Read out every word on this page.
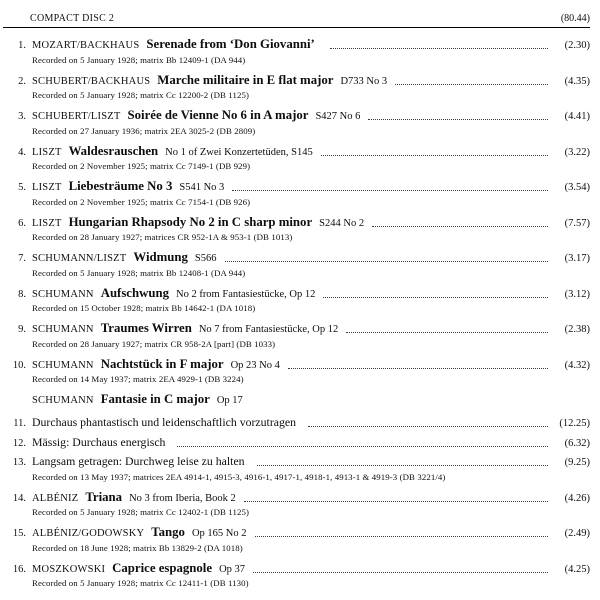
COMPACT DISC 2	(80.44)
1. MOZART/BACKHAUS Serenade from ‘Don Giovanni’	(2.30)
Recorded on 5 January 1928; matrix Bb 12409-1 (DA 944)
2. SCHUBERT/BACKHAUS Marche militaire in E flat major D733 No 3	(4.35)
Recorded on 5 January 1928; matrix Cc 12200-2 (DB 1125)
3. SCHUBERT/LISZT Soirée de Vienne No 6 in A major S427 No 6	(4.41)
Recorded on 27 January 1936; matrix 2EA 3025-2 (DB 2809)
4. LISZT Waldesrauschen No 1 of Zwei Konzertetüden, S145	(3.22)
Recorded on 2 November 1925; matrix Cc 7149-1 (DB 929)
5. LISZT Liebesträume No 3 S541 No 3	(3.54)
Recorded on 2 November 1925; matrix Cc 7154-1 (DB 926)
6. LISZT Hungarian Rhapsody No 2 in C sharp minor S244 No 2	(7.57)
Recorded on 28 January 1927; matrices CR 952-1A & 953-1 (DB 1013)
7. SCHUMANN/LISZT Widmung S566	(3.17)
Recorded on 5 January 1928; matrix Bb 12408-1 (DA 944)
8. SCHUMANN Aufschwung No 2 from Fantasiestücke, Op 12	(3.12)
Recorded on 15 October 1928; matrix Bb 14642-1 (DA 1018)
9. SCHUMANN Traumes Wirren No 7 from Fantasiestücke, Op 12	(2.38)
Recorded on 28 January 1927; matrix CR 958-2A [part] (DB 1033)
10. SCHUMANN Nachtstück in F major Op 23 No 4	(4.32)
Recorded on 14 May 1937; matrix 2EA 4929-1 (DB 3224)
SCHUMANN Fantasie in C major Op 17
11. Durchaus phantastisch und leidenschaftlich vorzutragen	(12.25)
12. Mässig: Durchaus energisch	(6.32)
13. Langsam getragen: Durchweg leise zu halten	(9.25)
Recorded on 13 May 1937; matrices 2EA 4914-1, 4915-3, 4916-1, 4917-1, 4918-1, 4913-1 & 4919-3 (DB 3221/4)
14. ALBÉNIZ Triana No 3 from Iberia, Book 2	(4.26)
Recorded on 5 January 1928; matrix Cc 12402-1 (DB 1125)
15. ALBÉNIZ/GODOWSKY Tango Op 165 No 2	(2.49)
Recorded on 18 June 1928; matrix Bb 13829-2 (DA 1018)
16. MOSZKOWSKI Caprice espagnole Op 37	(4.25)
Recorded on 5 January 1928; matrix Cc 12411-1 (DB 1130)
